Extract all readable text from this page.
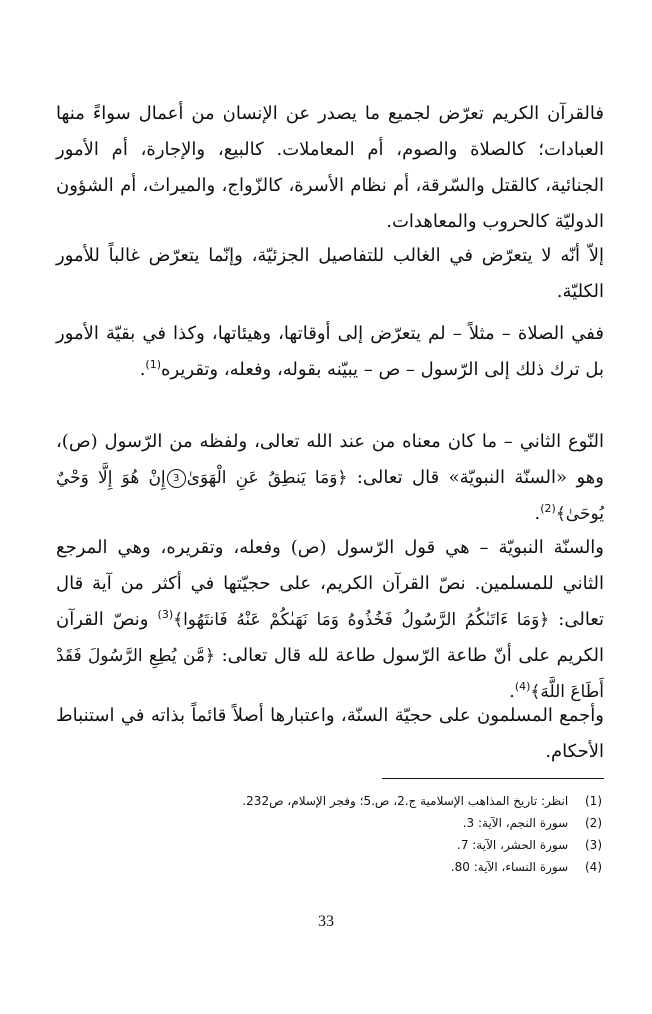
فالقرآن الكريم تعرّض لجميع ما يصدر عن الإنسان من أعمال سواءً منها العبادات؛ كالصلاة والصوم، أم المعاملات. كالبيع، والإجارة، أم الأمور الجنائية، كالقتل والسّرقة، أم نظام الأسرة، كالزّواج، والميراث، أم الشؤون الدوليّة كالحروب والمعاهدات.

إلاّ أنّه لا يتعرّض في الغالب للتفاصيل الجزئيّة، وإنّما يتعرّض غالباً للأمور الكليّة.

ففي الصلاة – مثلاً – لم يتعرّض إلى أوقاتها، وهيئاتها، وكذا في بقيّة الأمور بل ترك ذلك إلى الرّسول – ص – يبيّنه بقوله، وفعله، وتقريره$^{(1)}$.

النّوع الثاني – ما كان معناه من عند الله تعالى، ولفظه من الرّسول (ص)، وهو «السنّة النبويّة» قال تعالى: ﴿وَمَا يَنطِقُ عَنِ الْهَوَىٰ3إِنْ هُوَ إِلَّا وَحْيٌ يُوحَىٰ﴾$^{(2)}$.

والسنّة النبويّة – هي قول الرّسول (ص) وفعله، وتقريره، وهي المرجع الثاني للمسلمين. نصّ القرآن الكريم، على حجيّتها في أكثر من آية قال تعالى: ﴿وَمَا ءَاتَىٰكُمُ الرَّسُولُ فَخُذُوهُ وَمَا نَهَىٰكُمْ عَنْهُ فَانتَهُوا﴾$^{(3)}$ ونصّ القرآن الكريم على أنّ طاعة الرّسول طاعة لله قال تعالى: ﴿مَّن يُطِعِ الرَّسُولَ فَقَدْ أَطَاعَ اللَّهَ﴾$^{(4)}$.

وأجمع المسلمون على حجيّة السنّة، واعتبارها أصلاً قائماً بذاته في استنباط الأحكام.

(1) انظر: تاريخ المذاهب الإسلامية ج.2، ص.5؛ وفجر الإسلام، ص232.
(2) سورة النجم، الآية: 3.
(3) سورة الحشر، الآية: 7.
(4) سورة النساء، الآية: 80.
33
